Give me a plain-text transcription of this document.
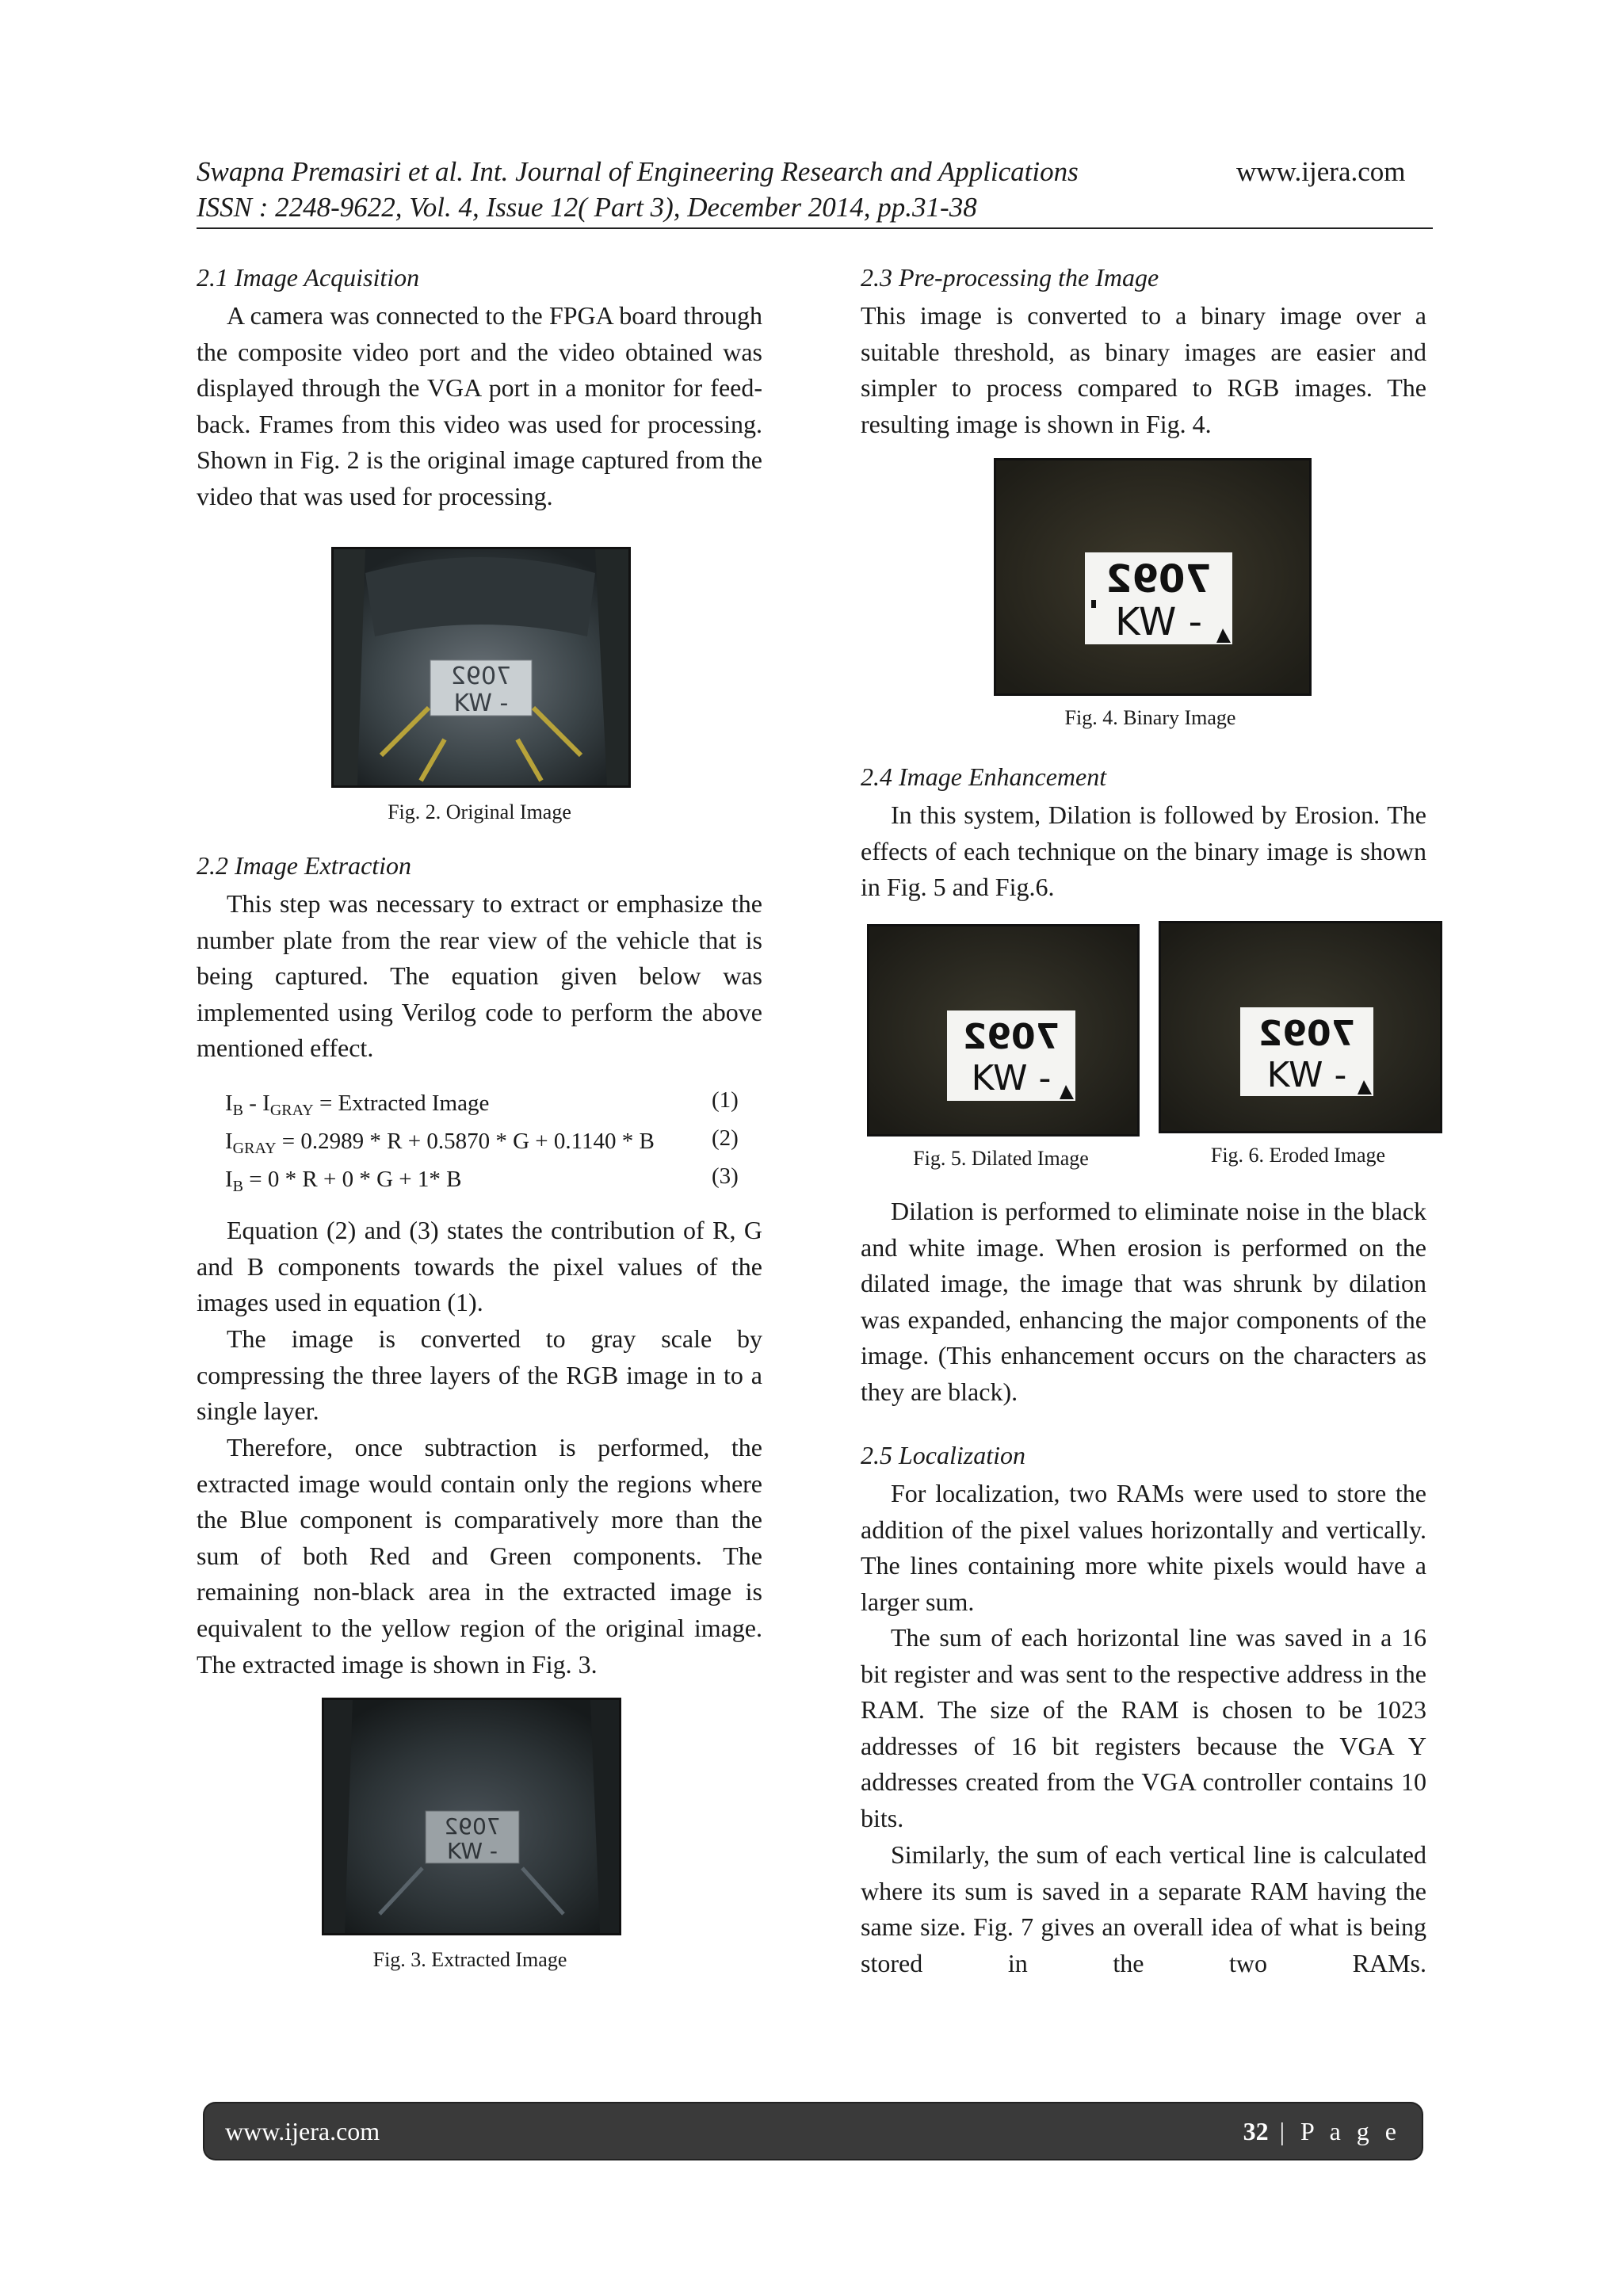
Swapna Premasiri et al. Int. Journal of Engineering Research and Applications	www.ijera.com
ISSN : 2248-9622, Vol. 4, Issue 12( Part 3), December 2014, pp.31-38
2.1 Image Acquisition
A camera was connected to the FPGA board through the composite video port and the video obtained was displayed through the VGA port in a monitor for feed-back. Frames from this video was used for processing. Shown in Fig. 2 is the original image captured from the video that was used for processing.
7092
KW -
Fig. 2. Original Image
2.2 Image Extraction
This step was necessary to extract or emphasize the number plate from the rear view of the vehicle that is being captured. The equation given below was implemented using Verilog code to perform the above mentioned effect.
$I_B - I_{GRAY}$ = Extracted Image	(1)
$I_{GRAY} = 0.2989 * R + 0.5870 * G + 0.1140 * B$ (2)
$I_B = 0 * R + 0 * G + 1*$ B	(3)
Equation (2) and (3) states the contribution of R, G and B components towards the pixel values of the images used in equation (1).
The image is converted to gray scale by compressing the three layers of the RGB image in to a single layer.
Therefore, once subtraction is performed, the extracted image would contain only the regions where the Blue component is comparatively more than the sum of both Red and Green components. The remaining non-black area in the extracted image is equivalent to the yellow region of the original image. The extracted image is shown in Fig. 3.
7092
KW -
Fig. 3. Extracted Image
2.3 Pre-processing the Image
This image is converted to a binary image over a suitable threshold, as binary images are easier and simpler to process compared to RGB images. The resulting image is shown in Fig. 4.
7092
KW -
Fig. 4. Binary Image
2.4 Image Enhancement
In this system, Dilation is followed by Erosion. The effects of each technique on the binary image is shown in Fig. 5 and Fig.6.
7092
KW -
Fig. 5. Dilated Image
7092
KW -
Fig. 6. Eroded Image
Dilation is performed to eliminate noise in the black and white image. When erosion is performed on the dilated image, the image that was shrunk by dilation was expanded, enhancing the major components of the image. (This enhancement occurs on the characters as they are black).
2.5 Localization
For localization, two RAMs were used to store the addition of the pixel values horizontally and vertically. The lines containing more white pixels would have a larger sum.
The sum of each horizontal line was saved in a 16 bit register and was sent to the respective address in the RAM. The size of the RAM is chosen to be 1023 addresses of 16 bit registers because the VGA Y addresses created from the VGA controller contains 10 bits.
Similarly, the sum of each vertical line is calculated where its sum is saved in a separate RAM having the same size. Fig. 7 gives an overall idea of what is being stored in the two RAMs.
www.ijera.com	32 | P a g e
